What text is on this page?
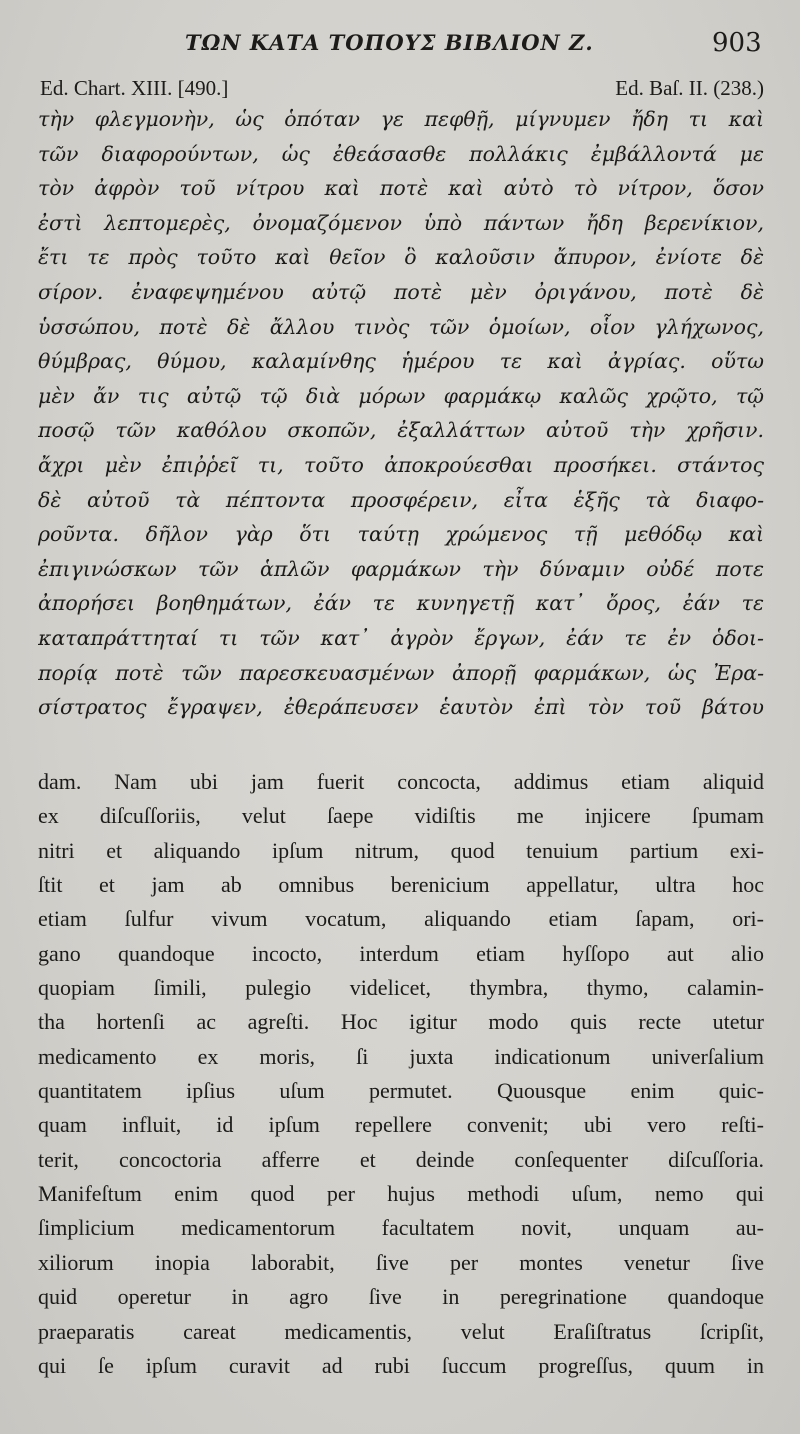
ΤΩΝ ΚΑΤΑ ΤΟΠΟΥΣ ΒΙΒΛΙΟΝ Ζ.	903
Ed. Chart. XIII. [490.]	Ed. Baſ. II. (238.)
τὴν φλεγμονὴν, ὡς ὁπόταν γε πεφθῇ, μίγνυμεν ἤδη τι καὶ
τῶν διαφορούντων, ὡς ἐθεάσασθε πολλάκις ἐμβάλλοντά με
τὸν ἀφρὸν τοῦ νίτρου καὶ ποτὲ καὶ αὐτὸ τὸ νίτρον, ὅσον
ἐστὶ λεπτομερὲς, ὀνομαζόμενον ὑπὸ πάντων ἤδη βερενίκιον,
ἔτι τε πρὸς τοῦτο καὶ θεῖον ὃ καλοῦσιν ἄπυρον, ἐνίοτε δὲ
σίρον. ἐναφεψημένου αὐτῷ ποτὲ μὲν ὀριγάνου, ποτὲ δὲ
ὑσσώπου, ποτὲ δὲ ἄλλου τινὸς τῶν ὁμοίων, οἷον γλήχωνος,
θύμβρας, θύμου, καλαμίνθης ἡμέρου τε καὶ ἀγρίας. οὕτω
μὲν ἄν τις αὐτῷ τῷ διὰ μόρων φαρμάκῳ καλῶς χρῷτο, τῷ
ποσῷ τῶν καθόλου σκοπῶν, ἐξαλλάττων αὐτοῦ τὴν χρῆσιν.
ἄχρι μὲν ἐπιῤῥεῖ τι, τοῦτο ἀποκρούεσθαι προσήκει. στάντος
δὲ αὐτοῦ τὰ πέπτοντα προσφέρειν, εἶτα ἑξῆς τὰ διαφο-
ροῦντα. δῆλον γὰρ ὅτι ταύτῃ χρώμενος τῇ μεθόδῳ καὶ
ἐπιγινώσκων τῶν ἁπλῶν φαρμάκων τὴν δύναμιν οὐδέ ποτε
ἀπορήσει βοηθημάτων, ἐάν τε κυνηγετῇ κατ᾽ ὄρος, ἐάν τε
καταπράττηταί τι τῶν κατ᾽ ἀγρὸν ἔργων, ἐάν τε ἐν ὁδοι-
πορίᾳ ποτὲ τῶν παρεσκευασμένων ἀπορῇ φαρμάκων, ὡς Ἐρα-
σίστρατος ἔγραψεν, ἐθεράπευσεν ἑαυτὸν ἐπὶ τὸν τοῦ βάτου
dam. Nam ubi jam fuerit concocta, addimus etiam aliquid
ex diſcuſſoriis, velut ſaepe vidiſtis me injicere ſpumam
nitri et aliquando ipſum nitrum, quod tenuium partium exi-
ſtit et jam ab omnibus berenicium appellatur, ultra hoc
etiam ſulfur vivum vocatum, aliquando etiam ſapam, ori-
gano quandoque incocto, interdum etiam hyſſopo aut alio
quopiam ſimili, pulegio videlicet, thymbra, thymo, calamin-
tha hortenſi ac agreſti. Hoc igitur modo quis recte utetur
medicamento ex moris, ſi juxta indicationum univerſalium
quantitatem ipſius uſum permutet. Quousque enim quic-
quam influit, id ipſum repellere convenit; ubi vero reſti-
terit, concoctoria afferre et deinde conſequenter diſcuſſoria.
Manifeſtum enim quod per hujus methodi uſum, nemo qui
ſimplicium medicamentorum facultatem novit, unquam au-
xiliorum inopia laborabit, ſive per montes venetur ſive
quid operetur in agro ſive in peregrinatione quandoque
praeparatis careat medicamentis, velut Eraſiſtratus ſcripſit,
qui ſe ipſum curavit ad rubi ſuccum progreſſus, quum in
